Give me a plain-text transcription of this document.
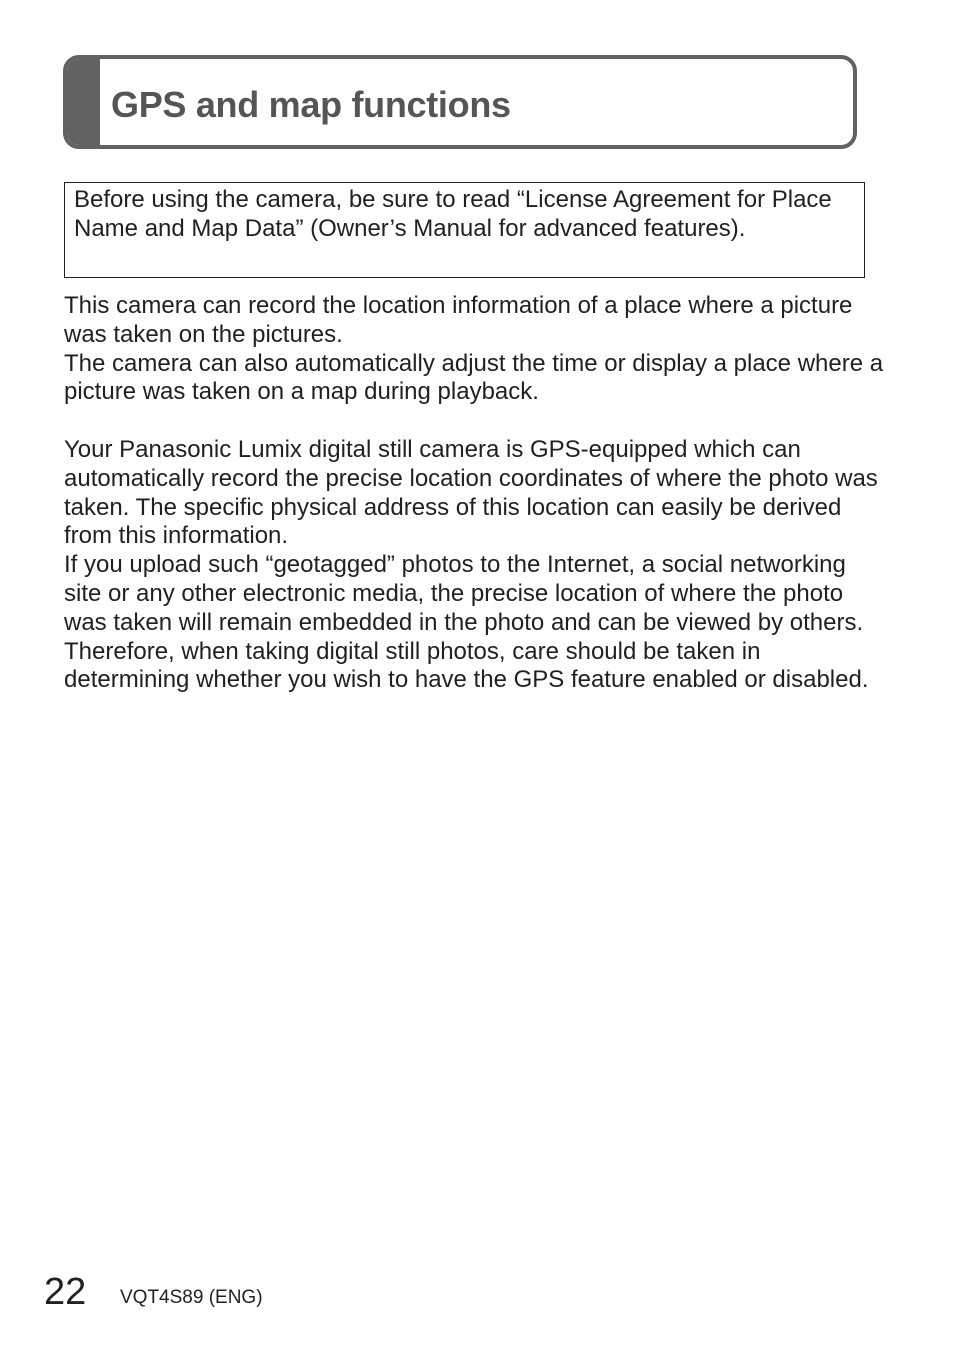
GPS and map functions
Before using the camera, be sure to read “License Agreement for Place Name and Map Data” (Owner’s Manual for advanced features).

This camera can record the location information of a place where a picture was taken on the pictures.

The camera can also automatically adjust the time or display a place where a picture was taken on a map during playback.

Your Panasonic Lumix digital still camera is GPS-equipped which can automatically record the precise location coordinates of where the photo was taken. The specific physical address of this location can easily be derived from this information.

If you upload such “geotagged” photos to the Internet, a social networking site or any other electronic media, the precise location of where the photo was taken will remain embedded in the photo and can be viewed by others.

Therefore, when taking digital still photos, care should be taken in determining whether you wish to have the GPS feature enabled or disabled.

22 VQT4S89 (ENG)
